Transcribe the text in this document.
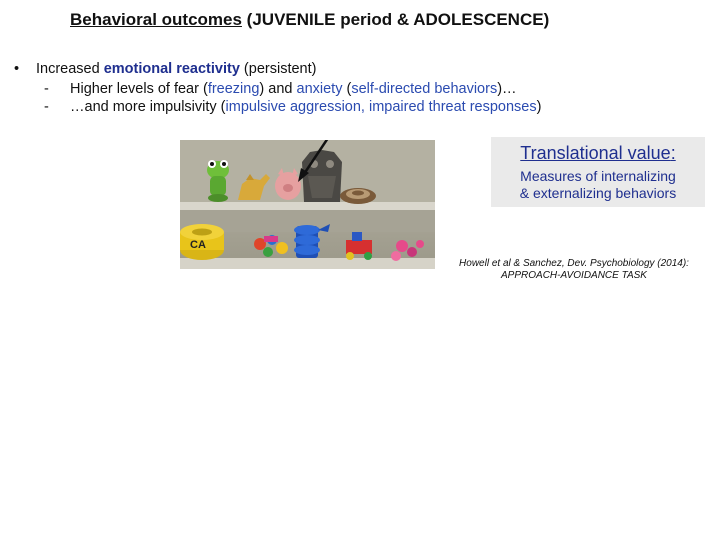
Behavioral outcomes (JUVENILE period & ADOLESCENCE)
• Increased emotional reactivity (persistent)
- Higher levels of fear (freezing) and anxiety (self-directed behaviors)…
- …and more impulsivity (impulsive aggression, impaired threat responses)
CA
Translational value:
Measures of internalizing
& externalizing behaviors
Howell et al & Sanchez, Dev. Psychobiology (2014):
APPROACH-AVOIDANCE TASK
